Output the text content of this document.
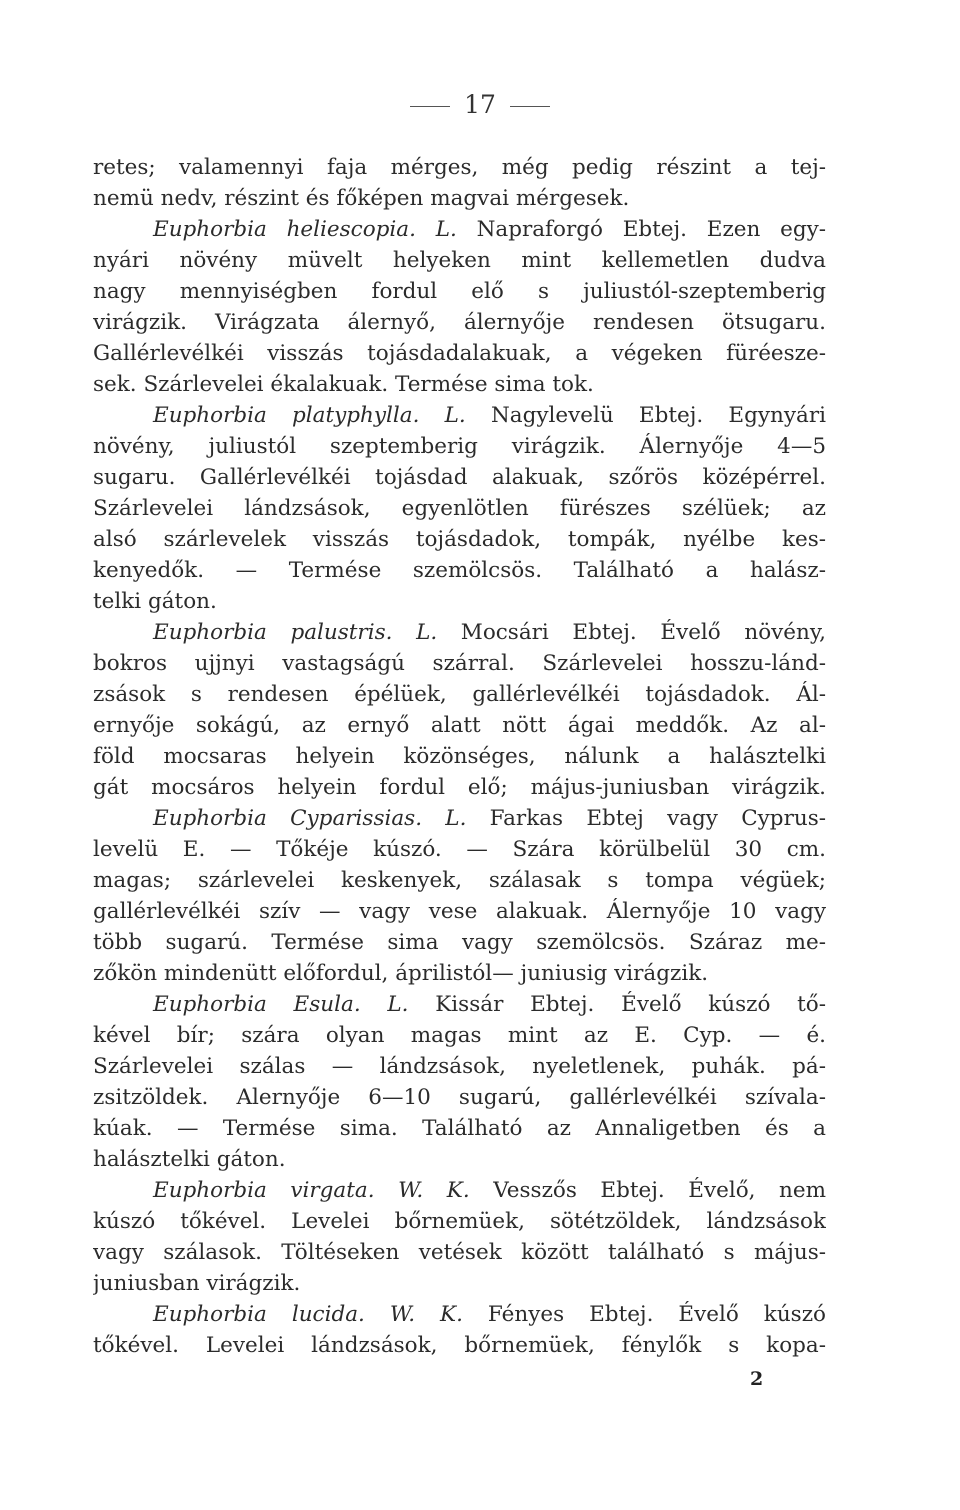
17
retes; valamennyi faja mérges, még pedig részint a tej-
nemü nedv, részint és főképen magvai mérgesek.
Euphorbia heliescopia. L. Napraforgó Ebtej. Ezen egy-
nyári növény müvelt helyeken mint kellemetlen dudva
nagy mennyiségben fordul elő s juliustól-szeptemberig
virágzik. Virágzata álernyő, álernyője rendesen ötsugaru.
Gallérlevélkéi visszás tojásdadalakuak, a végeken füréesze-
sek. Szárlevelei ékalakuak. Termése sima tok.
Euphorbia platyphylla. L. Nagylevelü Ebtej. Egynyári
növény, juliustól szeptemberig virágzik. Álernyője 4—5
sugaru. Gallérlevélkéi tojásdad alakuak, szőrös középérrel.
Szárlevelei lándzsások, egyenlötlen fürészes szélüek; az
alsó szárlevelek visszás tojásdadok, tompák, nyélbe kes-
kenyedők. — Termése szemölcsös. Található a halász-
telki gáton.
Euphorbia palustris. L. Mocsári Ebtej. Évelő növény,
bokros ujjnyi vastagságú szárral. Szárlevelei hosszu-lánd-
zsások s rendesen épélüek, gallérlevélkéi tojásdadok. Ál-
ernyője sokágú, az ernyő alatt nött ágai meddők. Az al-
föld mocsaras helyein közönséges, nálunk a halásztelki
gát mocsáros helyein fordul elő; május-juniusban virágzik.
Euphorbia Cyparissias. L. Farkas Ebtej vagy Cyprus-
levelü E. — Tőkéje kúszó. — Szára körülbelül 30 cm.
magas; szárlevelei keskenyek, szálasak s tompa végüek;
gallérlevélkéi szív — vagy vese alakuak. Álernyője 10 vagy
több sugarú. Termése sima vagy szemölcsös. Száraz me-
zőkön mindenütt előfordul, áprilistól— juniusig virágzik.
Euphorbia Esula. L. Kissár Ebtej. Évelő kúszó tő-
kével bír; szára olyan magas mint az E. Cyp. — é.
Szárlevelei szálas — lándzsások, nyeletlenek, puhák. pá-
zsitzöldek. Alernyője 6—10 sugarú, gallérlevélkéi szívala-
kúak. — Termése sima. Található az Annaligetben és a
halásztelki gáton.
Euphorbia virgata. W. K. Vesszős Ebtej. Évelő, nem
kúszó tőkével. Levelei bőrnemüek, sötétzöldek, lándzsások
vagy szálasok. Töltéseken vetések között található s május-
juniusban virágzik.
Euphorbia lucida. W. K. Fényes Ebtej. Évelő kúszó
tőkével. Levelei lándzsások, bőrnemüek, fénylők s kopa-
2
